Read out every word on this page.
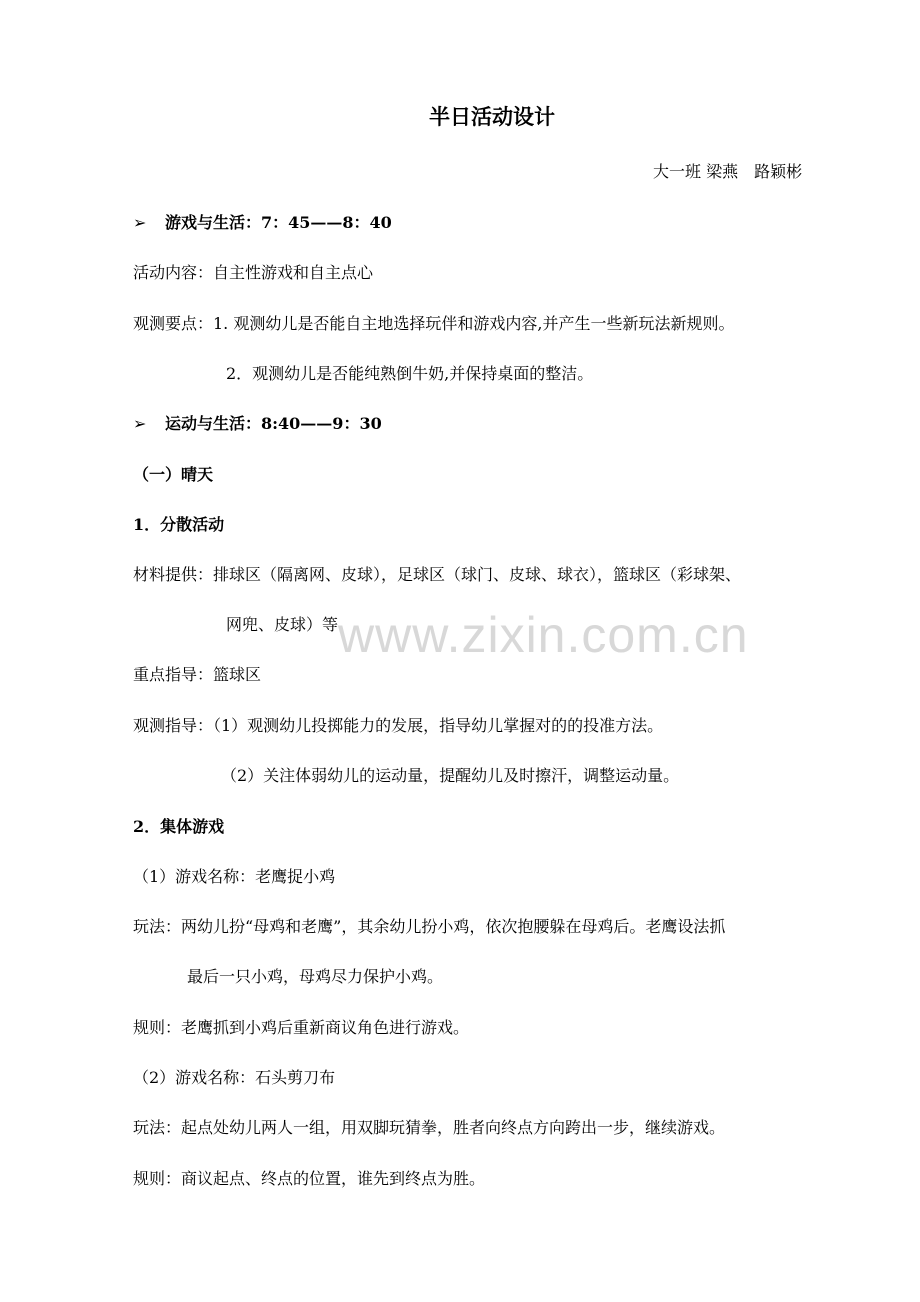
www.zixin.com.cn
半日活动设计
大一班 梁燕　路颖彬
➢ 游戏与生活：7：45——8：40
活动内容：自主性游戏和自主点心
观测要点：1. 观测幼儿是否能自主地选择玩伴和游戏内容,并产生一些新玩法新规则。
2．观测幼儿是否能纯熟倒牛奶,并保持桌面的整洁。
➢ 运动与生活：8:40——9：30
（一）晴天
1．分散活动
材料提供：排球区（隔离网、皮球），足球区（球门、皮球、球衣），篮球区（彩球架、
网兜、皮球）等
重点指导：篮球区
观测指导：（1）观测幼儿投掷能力的发展，指导幼儿掌握对的的投准方法。
（2）关注体弱幼儿的运动量，提醒幼儿及时擦汗，调整运动量。
2．集体游戏
（1）游戏名称：老鹰捉小鸡
玩法：两幼儿扮“母鸡和老鹰”，其余幼儿扮小鸡，依次抱腰躲在母鸡后。老鹰设法抓
最后一只小鸡，母鸡尽力保护小鸡。
规则：老鹰抓到小鸡后重新商议角色进行游戏。
（2）游戏名称：石头剪刀布
玩法：起点处幼儿两人一组，用双脚玩猜拳，胜者向终点方向跨出一步，继续游戏。
规则：商议起点、终点的位置，谁先到终点为胜。
